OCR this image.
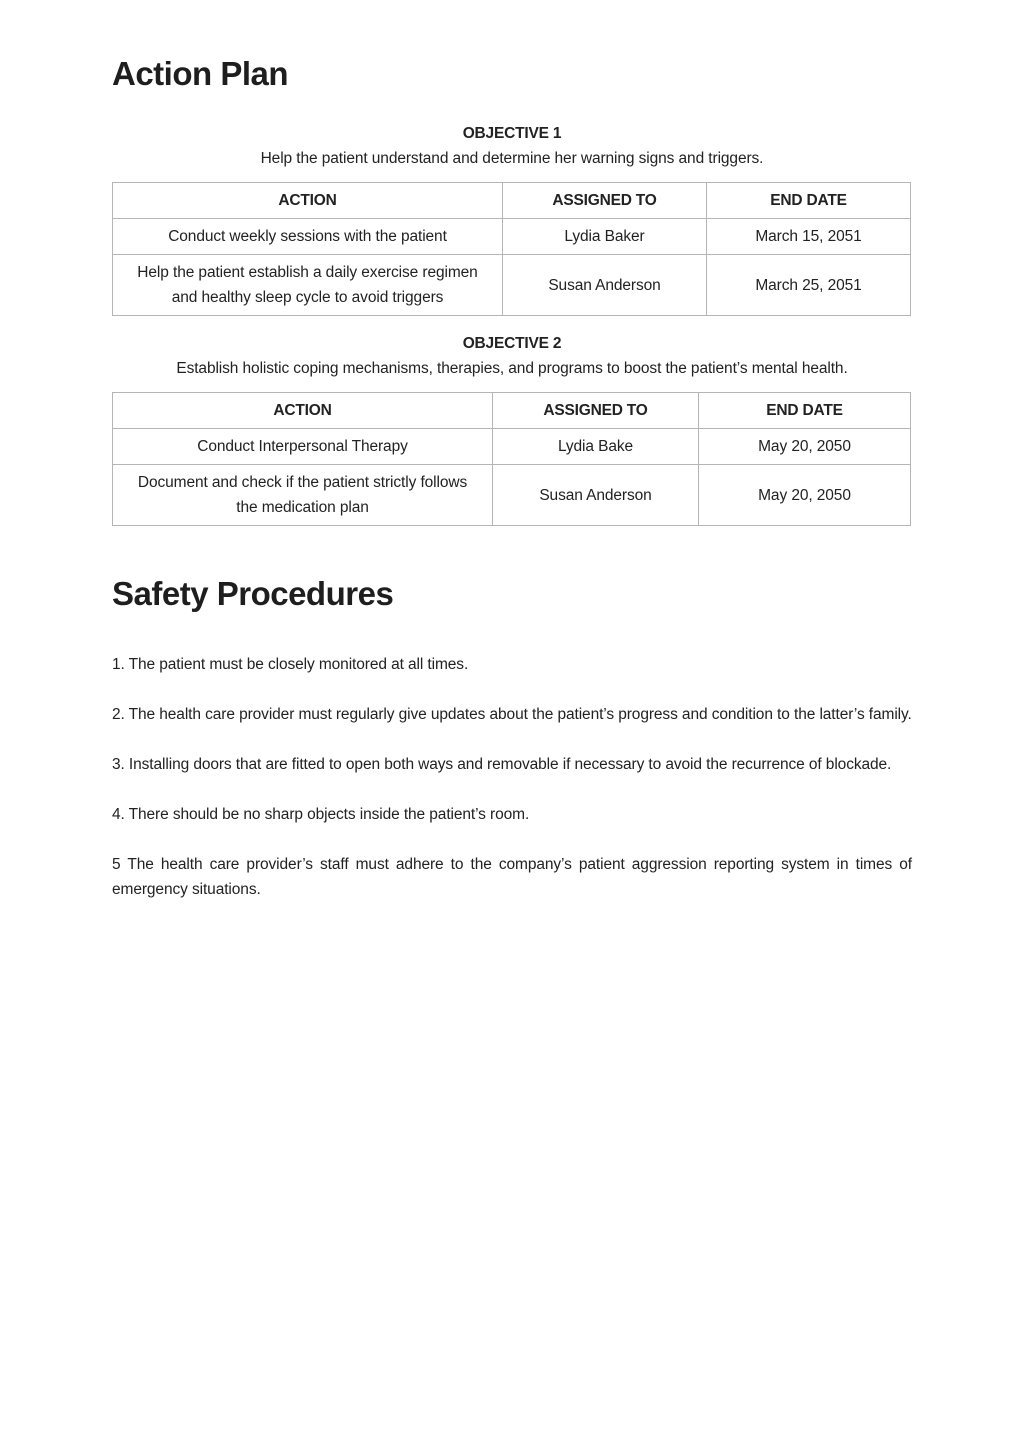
Action Plan

OBJECTIVE 1

Help the patient understand and determine her warning signs and triggers.

ACTION	ASSIGNED TO	END DATE
Conduct weekly sessions with the patient	Lydia Baker	March 15, 2051
Help the patient establish a daily exercise regimen and healthy sleep cycle to avoid triggers	Susan Anderson	March 25, 2051

OBJECTIVE 2

Establish holistic coping mechanisms, therapies, and programs to boost the patient’s mental health.

ACTION	ASSIGNED TO	END DATE
Conduct Interpersonal Therapy	Lydia Bake	May 20, 2050
Document and check if the patient strictly follows the medication plan	Susan Anderson	May 20, 2050
Safety Procedures

1. The patient must be closely monitored at all times.

2. The health care provider must regularly give updates about the patient’s progress and condition to the latter’s family.

3. Installing doors that are fitted to open both ways and removable if necessary to avoid the recurrence of blockade.

4. There should be no sharp objects inside the patient’s room.

5 The health care provider’s staff must adhere to the company’s patient aggression reporting system in times of emergency situations.
